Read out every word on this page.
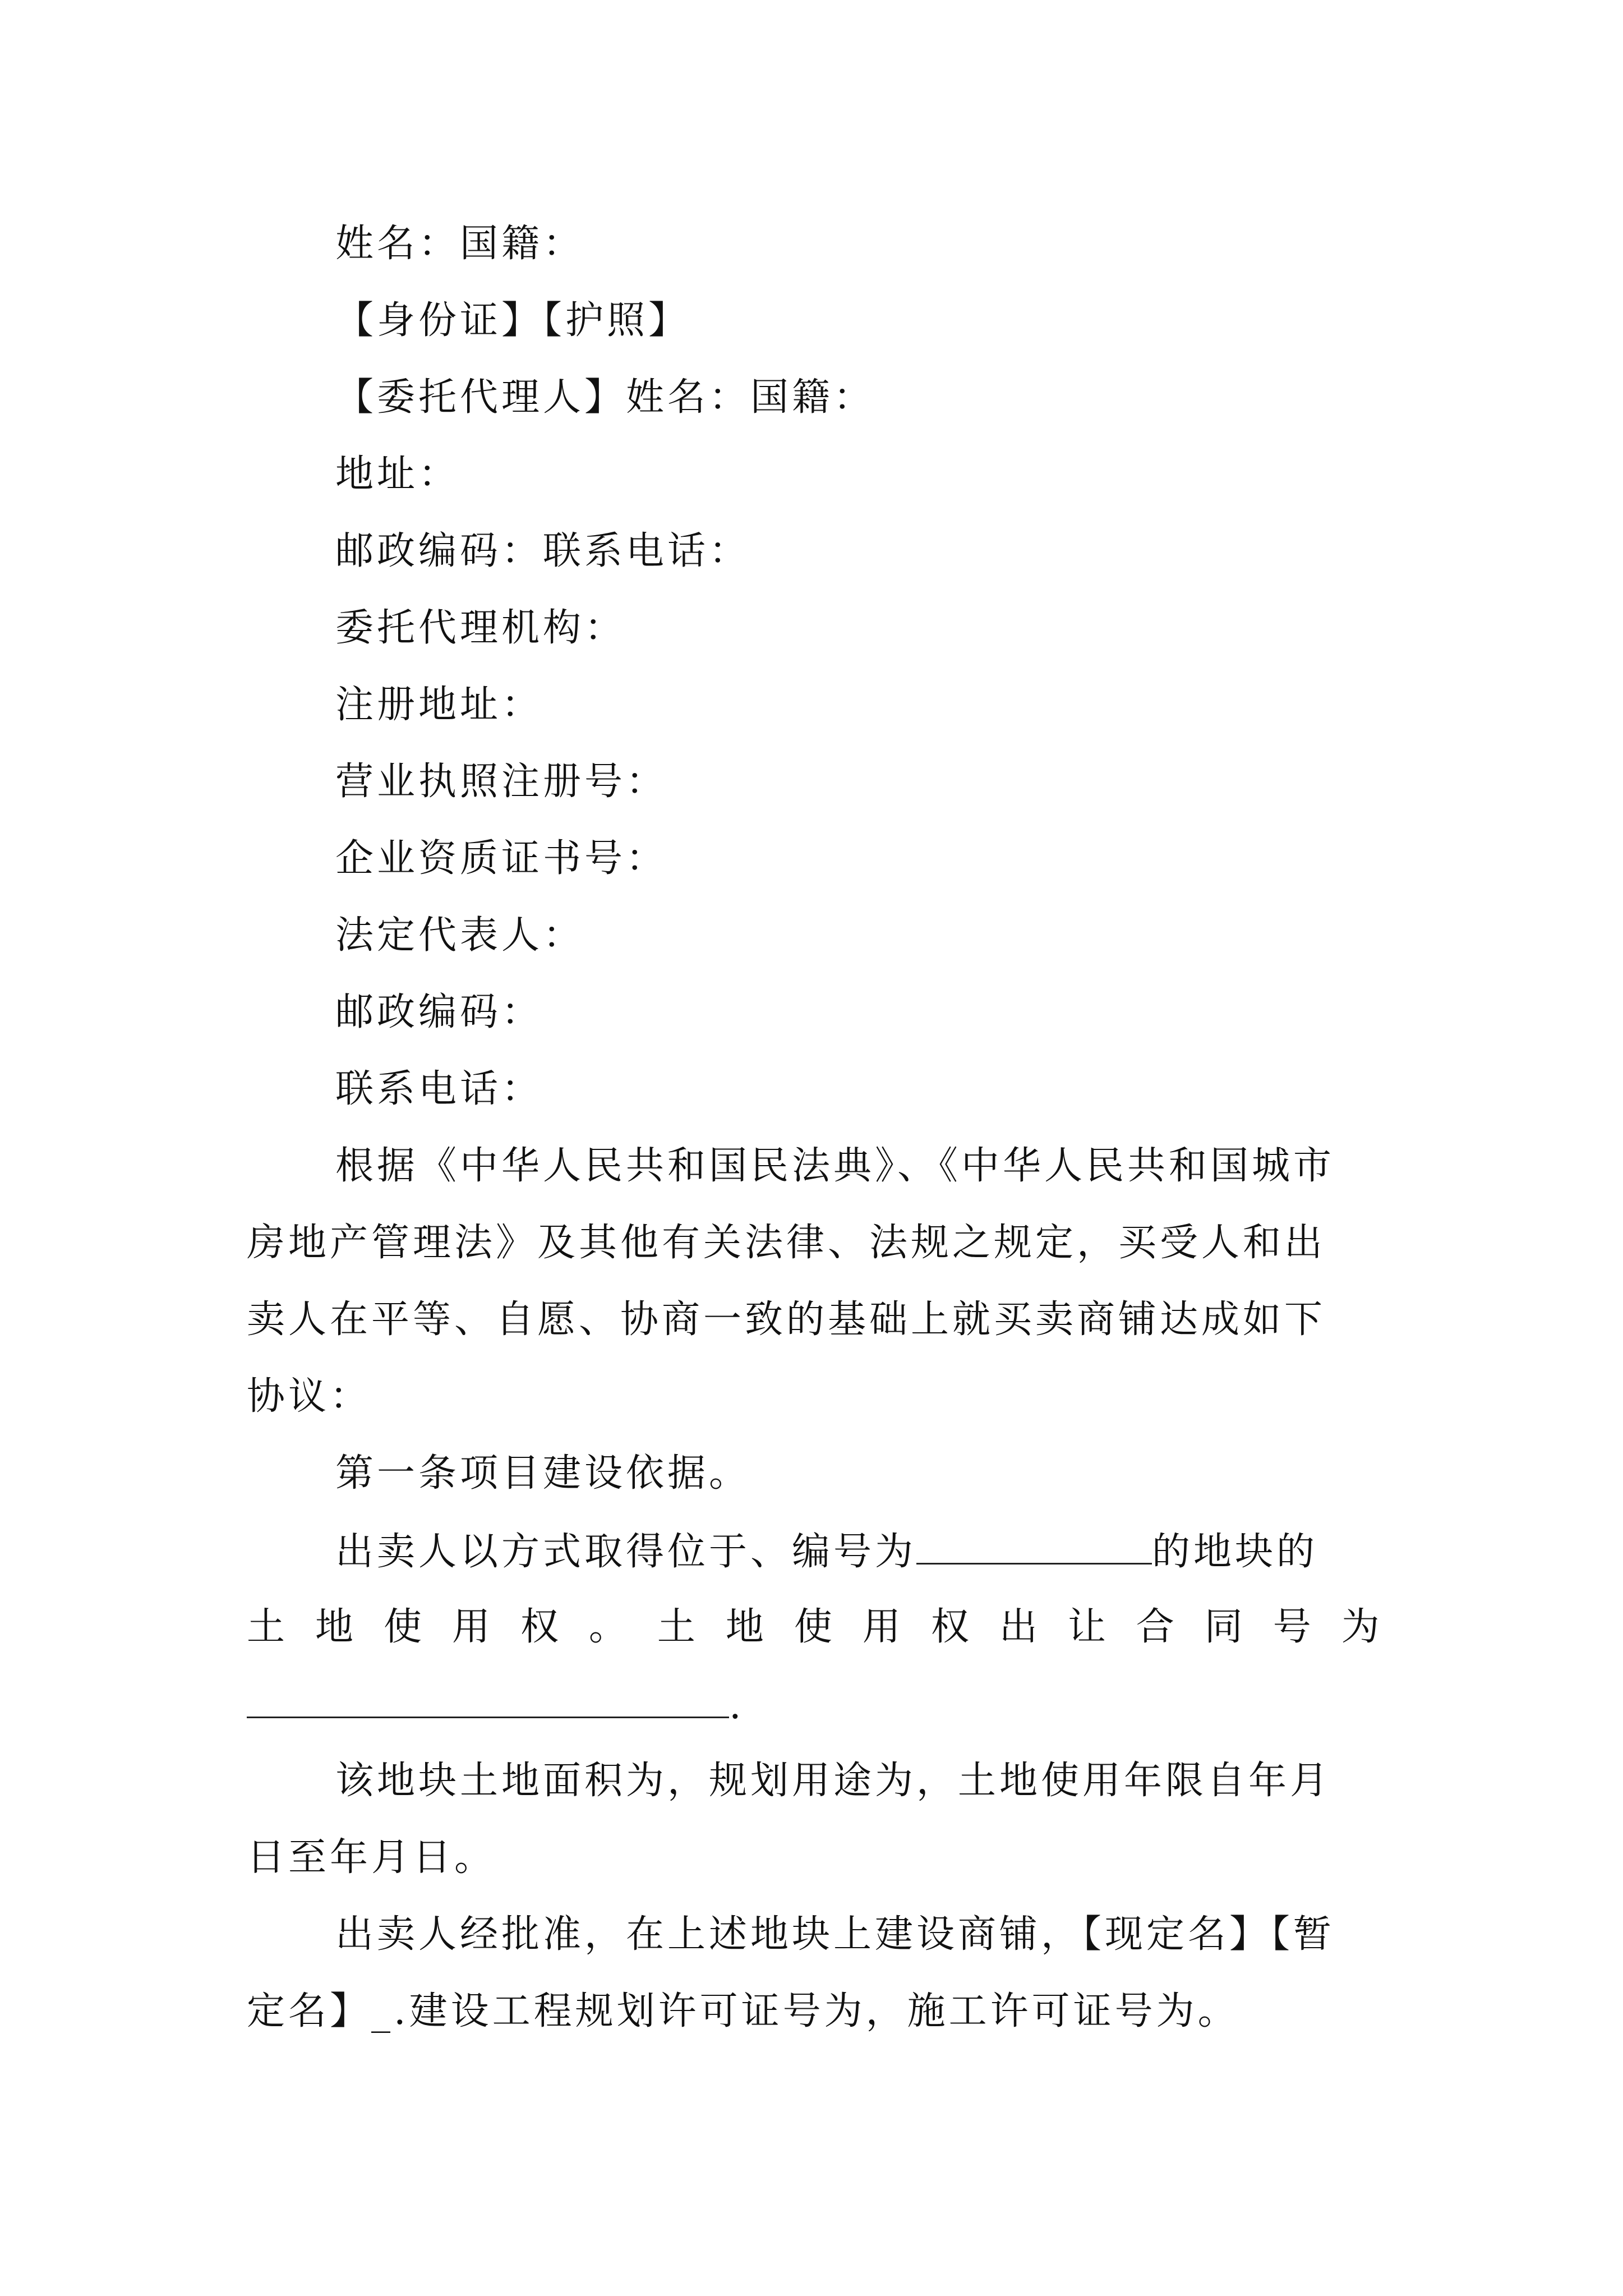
姓名：国籍：
【身份证】【护照】
【委托代理人】姓名：国籍：
地址：
邮政编码：联系电话：
委托代理机构：
注册地址：
营业执照注册号：
企业资质证书号：
法定代表人：
邮政编码：
联系电话：
根据《中华人民共和国民法典》、《中华人民共和国城市
房地产管理法》及其他有关法律、法规之规定，买受人和出
卖人在平等、自愿、协商一致的基础上就买卖商铺达成如下
协议：
第一条项目建设依据。
出卖人以方式取得位于、编号为	的地块的
土 地 使 用 权 。 土 地 使 用 权 出 让 合 同 号 为
.
该地块土地面积为，规划用途为，土地使用年限自年月
日至年月日。
出卖人经批准，在上述地块上建设商铺，【现定名】【暂
定名】_.建设工程规划许可证号为，施工许可证号为。
